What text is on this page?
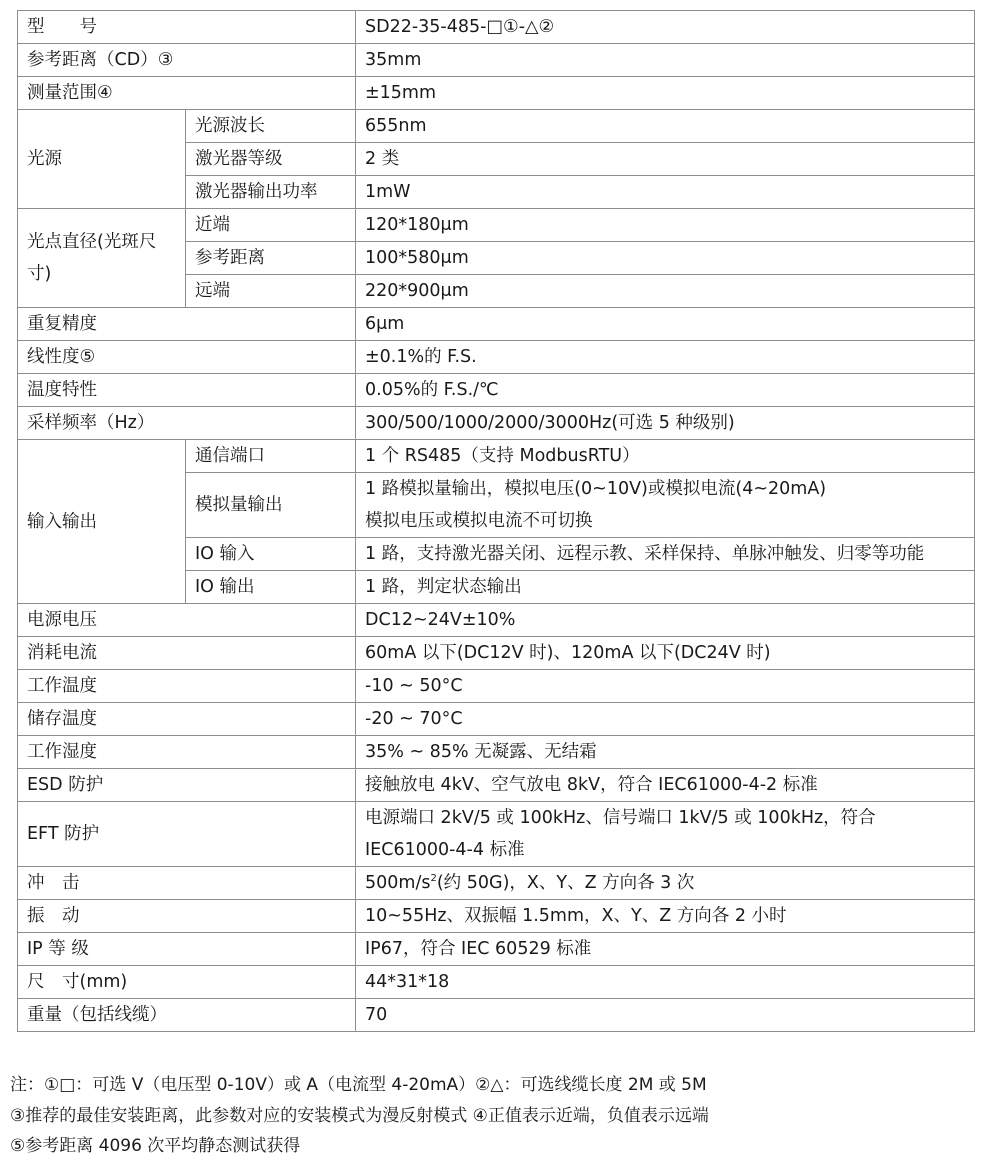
型　　号		SD22-35-485-□①-△②
参考距离（CD）③		35mm
测量范围④		±15mm
光源	光源波长	655nm
	激光器等级	2 类
	激光器输出功率	1mW
光点直径(光斑尺寸)	近端	120*180μm
	参考距离	100*580μm
	远端	220*900μm
重复精度		6μm
线性度⑤		±0.1%的 F.S.
温度特性		0.05%的 F.S./℃
采样频率（Hz）		300/500/1000/2000/3000Hz(可选 5 种级别)
输入输出	通信端口	1 个 RS485（支持 ModbusRTU）
	模拟量输出	1 路模拟量输出，模拟电压(0~10V)或模拟电流(4~20mA)
模拟电压或模拟电流不可切换

	IO 输入	1 路，支持激光器关闭、远程示教、采样保持、单脉冲触发、归零等功能
	IO 输出	1 路，判定状态输出
电源电压		DC12~24V±10%
消耗电流		60mA 以下(DC12V 时)、120mA 以下(DC24V 时)
工作温度		-10 ~ 50°C
储存温度		-20 ~ 70°C
工作湿度		35% ~ 85% 无凝露、无结霜
ESD 防护		接触放电 4kV、空气放电 8kV，符合 IEC61000-4-2 标准
EFT 防护		电源端口 2kV/5 或 100kHz、信号端口 1kV/5 或 100kHz，符合 IEC61000-4-4 标准
冲　击		$500m/s^2$(约 50G)，X、Y、Z 方向各 3 次
振　动		10~55Hz、双振幅 1.5mm，X、Y、Z 方向各 2 小时
IP 等 级		IP67，符合 IEC 60529 标准
尺　寸(mm)		44*31*18
重量（包括线缆）		70
注：①□：可选 V（电压型 0-10V）或 A（电流型 4-20mA）②△：可选线缆长度 2M 或 5M
③推荐的最佳安装距离，此参数对应的安装模式为漫反射模式 ④正值表示近端，负值表示远端
⑤参考距离 4096 次平均静态测试获得
